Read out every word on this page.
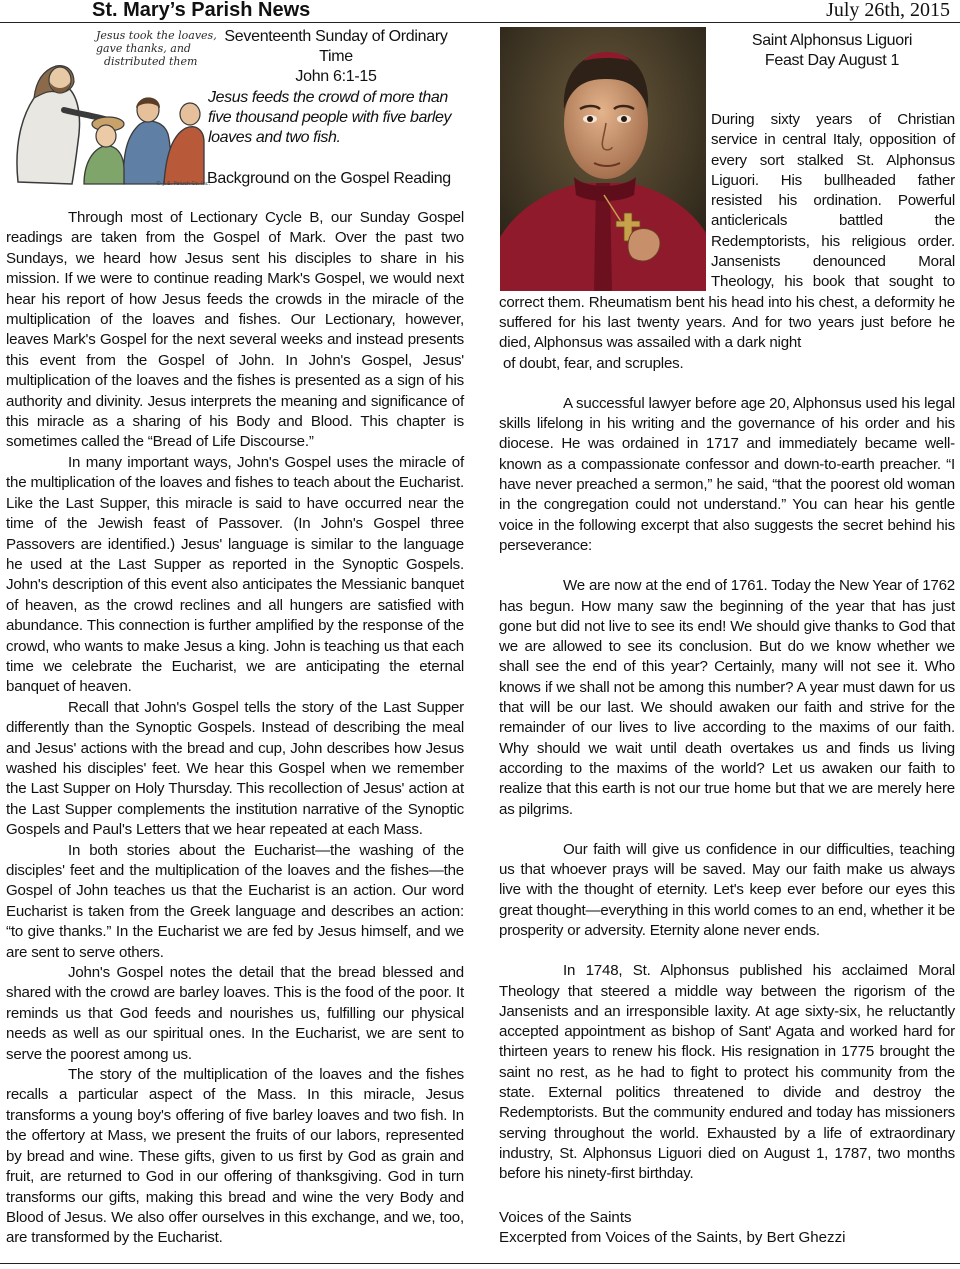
St. Mary’s Parish News	July 26th, 2015
Jesus took the loaves,
gave thanks, and
distributed them
© J. S. Paluch Co. Inc.
Seventeenth Sunday of Ordinary Time
John 6:1-15
Jesus feeds the crowd of more than five thousand people with five barley loaves and two fish.
Background on the Gospel Reading

Through most of Lectionary Cycle B, our Sunday Gospel readings are taken from the Gospel of Mark. Over the past two Sundays, we heard how Jesus sent his disciples to share in his mission. If we were to continue reading Mark's Gospel, we would next hear his report of how Jesus feeds the crowds in the miracle of the multiplication of the loaves and fishes. Our Lectionary, however, leaves Mark's Gospel for the next several weeks and instead presents this event from the Gospel of John. In John's Gospel, Jesus' multiplication of the loaves and the fishes is presented as a sign of his authority and divinity. Jesus interprets the meaning and significance of this miracle as a sharing of his Body and Blood. This chapter is sometimes called the “Bread of Life Discourse.”

In many important ways, John's Gospel uses the miracle of the multiplication of the loaves and fishes to teach about the Eucharist. Like the Last Supper, this miracle is said to have occurred near the time of the Jewish feast of Passover. (In John's Gospel three Passovers are identified.) Jesus' language is similar to the language he used at the Last Supper as reported in the Synoptic Gospels. John's description of this event also anticipates the Messianic banquet of heaven, as the crowd reclines and all hungers are satisfied with abundance. This connection is further amplified by the response of the crowd, who wants to make Jesus a king. John is teaching us that each time we celebrate the Eucharist, we are anticipating the eternal banquet of heaven.

Recall that John's Gospel tells the story of the Last Supper differently than the Synoptic Gospels. Instead of describing the meal and Jesus' actions with the bread and cup, John describes how Jesus washed his disciples' feet. We hear this Gospel when we remember the Last Supper on Holy Thursday. This recollection of Jesus' action at the Last Supper complements the institution narrative of the Synoptic Gospels and Paul's Letters that we hear repeated at each Mass.

In both stories about the Eucharist—the washing of the disciples' feet and the multiplication of the loaves and the fishes—the Gospel of John teaches us that the Eucharist is an action. Our word Eucharist is taken from the Greek language and describes an action: “to give thanks.” In the Eucharist we are fed by Jesus himself, and we are sent to serve others.

John's Gospel notes the detail that the bread blessed and shared with the crowd are barley loaves. This is the food of the poor. It reminds us that God feeds and nourishes us, fulfilling our physical needs as well as our spiritual ones. In the Eucharist, we are sent to serve the poorest among us.

The story of the multiplication of the loaves and the fishes recalls a particular aspect of the Mass. In this miracle, Jesus transforms a young boy's offering of five barley loaves and two fish. In the offertory at Mass, we present the fruits of our labors, represented by bread and wine. These gifts, given to us first by God as grain and fruit, are returned to God in our offering of thanksgiving. God in turn transforms our gifts, making this bread and wine the very Body and Blood of Jesus. We also offer ourselves in this exchange, and we, too, are transformed by the Eucharist.

Saint Alphonsus Liguori
Feast Day August 1

During sixty years of Christian service in central Italy, opposition of every sort stalked St. Alphonsus Liguori. His bullheaded father resisted his ordination. Powerful anticlericals battled the Redemptorists, his religious order. Jansenists denounced Moral Theology, his book that sought to correct them. Rheumatism bent his head into his chest, a deformity he suffered for his last twenty years. And for two years just before he died, Alphonsus was assailed with a dark night

of doubt, fear, and scruples.

A successful lawyer before age 20, Alphonsus used his legal skills lifelong in his writing and the governance of his order and his diocese. He was ordained in 1717 and immediately became well-known as a compassionate confessor and down-to-earth preacher. “I have never preached a sermon,” he said, “that the poorest old woman in the congregation could not understand.” You can hear his gentle voice in the following excerpt that also suggests the secret behind his perseverance:

We are now at the end of 1761. Today the New Year of 1762 has begun. How many saw the beginning of the year that has just gone but did not live to see its end! We should give thanks to God that we are allowed to see its conclusion. But do we know whether we shall see the end of this year? Certainly, many will not see it. Who knows if we shall not be among this number? A year must dawn for us that will be our last. We should awaken our faith and strive for the remainder of our lives to live according to the maxims of our faith. Why should we wait until death overtakes us and finds us living according to the maxims of the world? Let us awaken our faith to realize that this earth is not our true home but that we are merely here as pilgrims.

Our faith will give us confidence in our difficulties, teaching us that whoever prays will be saved. May our faith make us always live with the thought of eternity. Let's keep ever before our eyes this great thought—everything in this world comes to an end, whether it be prosperity or adversity. Eternity alone never ends.

In 1748, St. Alphonsus published his acclaimed Moral Theology that steered a middle way between the rigorism of the Jansenists and an irresponsible laxity. At age sixty-six, he reluctantly accepted appointment as bishop of Sant' Agata and worked hard for thirteen years to renew his flock. His resignation in 1775 brought the saint no rest, as he had to fight to protect his community from the state. External politics threatened to divide and destroy the Redemptorists. But the community endured and today has missioners serving throughout the world. Exhausted by a life of extraordinary industry, St. Alphonsus Liguori died on August 1, 1787, two months before his ninety-first birthday.

Voices of the Saints
Excerpted from Voices of the Saints, by Bert Ghezzi
